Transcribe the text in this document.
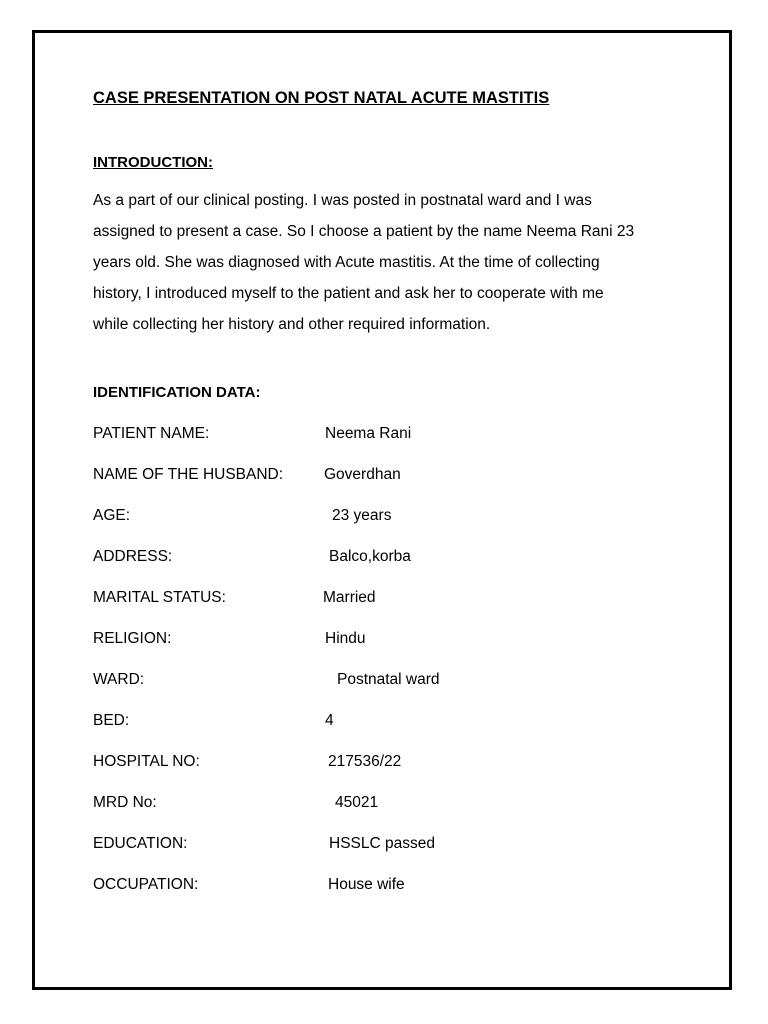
CASE PRESENTATION ON POST NATAL ACUTE MASTITIS
INTRODUCTION:
As a part of our clinical posting. I was posted in postnatal ward and I was
assigned to present a case. So I choose a patient by the name Neema Rani 23
years old. She was diagnosed with Acute mastitis. At the time of collecting
history, I introduced myself to the patient and ask her to cooperate with me
while collecting her history and other required information.
IDENTIFICATION DATA:
PATIENT NAME:	Neema Rani
NAME OF THE HUSBAND:	Goverdhan
AGE:	23 years
ADDRESS:	Balco,korba
MARITAL STATUS:	Married
RELIGION:	Hindu
WARD:	Postnatal ward
BED:	4
HOSPITAL NO:	217536/22
MRD No:	45021
EDUCATION:	HSSLC passed
OCCUPATION:	House wife
